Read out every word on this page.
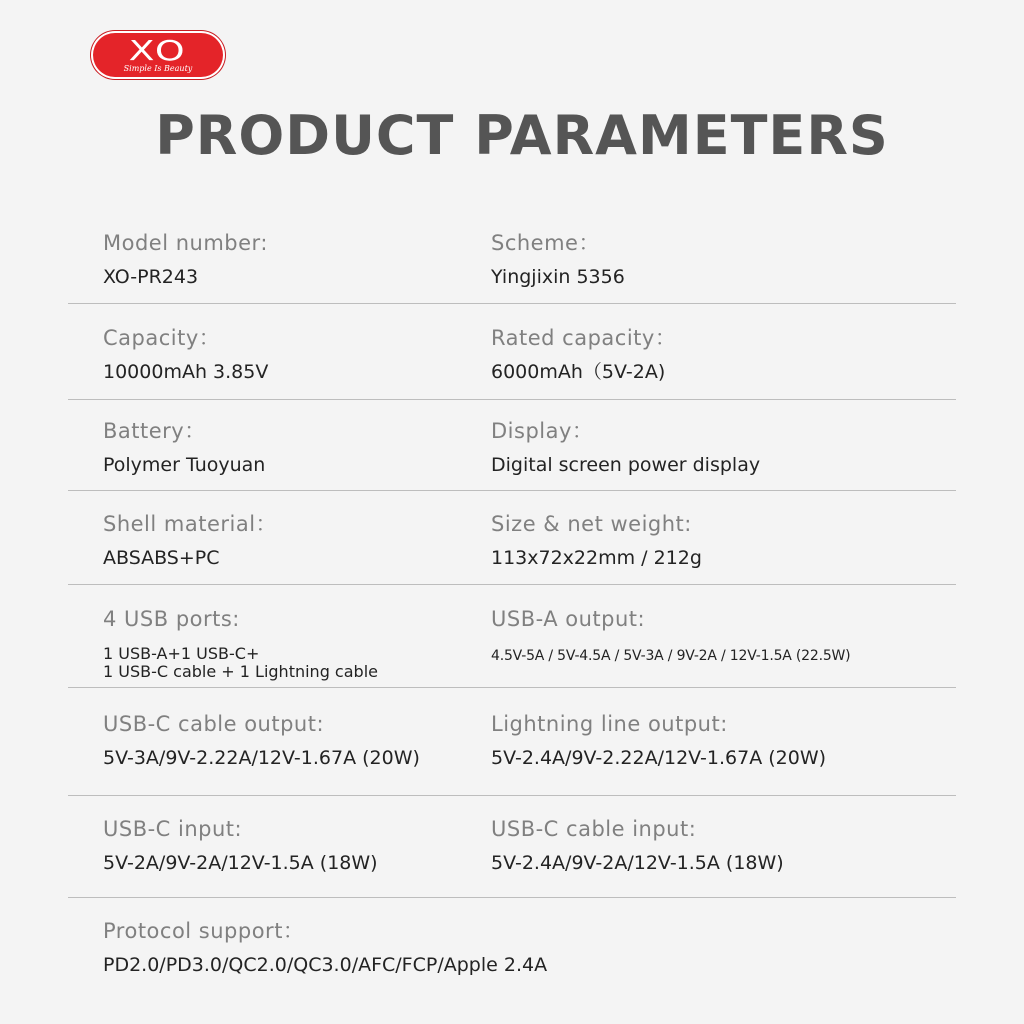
XO
Simple Is Beauty
PRODUCT PARAMETERS
Model number:
XO-PR243
Scheme：
Yingjixin 5356
Capacity：
10000mAh 3.85V
Rated capacity：
6000mAh（5V-2A)
Battery：
Polymer Tuoyuan
Display：
Digital screen power display
Shell material：
ABSABS+PC
Size & net weight:
113x72x22mm / 212g
4 USB ports:
1 USB-A+1 USB-C+
1 USB-C cable + 1 Lightning cable
USB-A output:
4.5V-5A / 5V-4.5A / 5V-3A / 9V-2A / 12V-1.5A (22.5W)
USB-C cable output:
5V-3A/9V-2.22A/12V-1.67A (20W)
Lightning line output:
5V-2.4A/9V-2.22A/12V-1.67A (20W)
USB-C input:
5V-2A/9V-2A/12V-1.5A (18W)
USB-C cable input:
5V-2.4A/9V-2A/12V-1.5A (18W)
Protocol support：
PD2.0/PD3.0/QC2.0/QC3.0/AFC/FCP/Apple 2.4A
